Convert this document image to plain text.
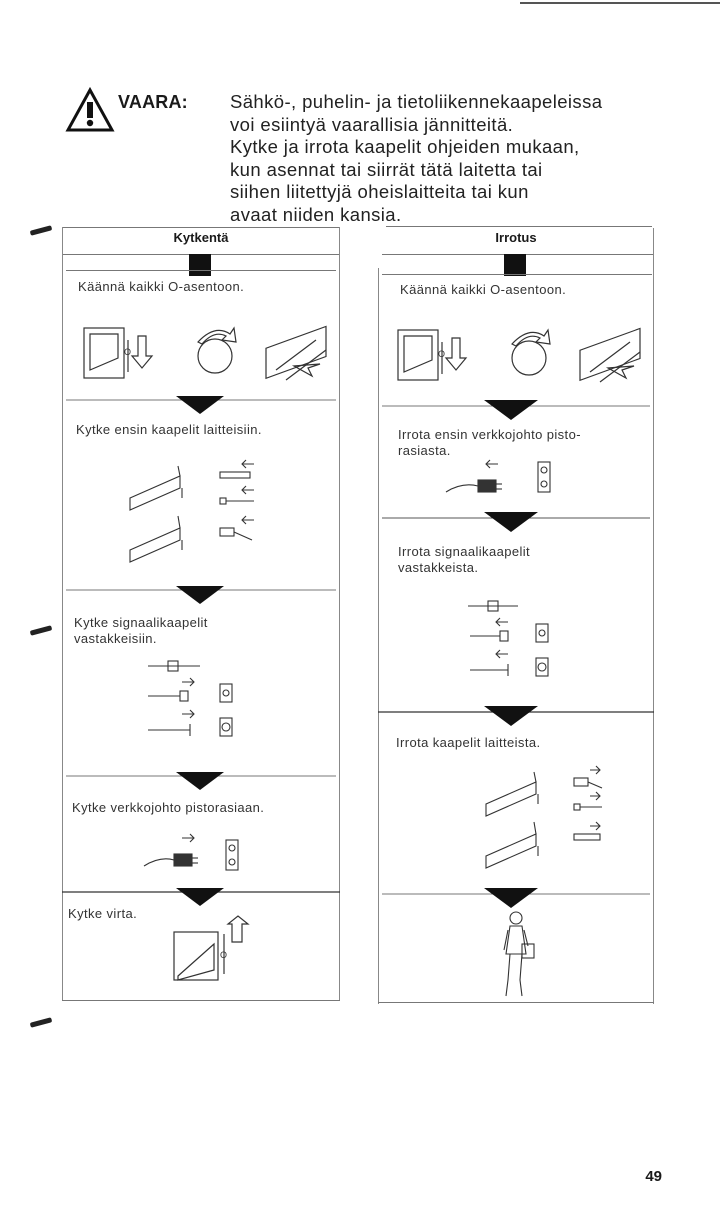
VAARA: Sähkö-, puhelin- ja tietoliikennekaapeleissa
voi esiintyä vaarallisia jännitteitä.
Kytke ja irrota kaapelit ohjeiden mukaan,
kun asennat tai siirrät tätä laitetta tai
siihen liitettyjä oheislaitteita tai kun
avaat niiden kansia.
Kytkentä
Käännä kaikki O-asentoon.
O
Kytke ensin kaapelit laitteisiin.
Kytke signaalikaapelit
vastakkeisiin.
Kytke verkkojohto pistorasiaan.
Kytke virta.
O
Irrotus
Käännä kaikki O-asentoon.
O
Irrota ensin verkkojohto pisto-
rasiasta.
Irrota signaalikaapelit
vastakkeista.
Irrota kaapelit laitteista.
49
